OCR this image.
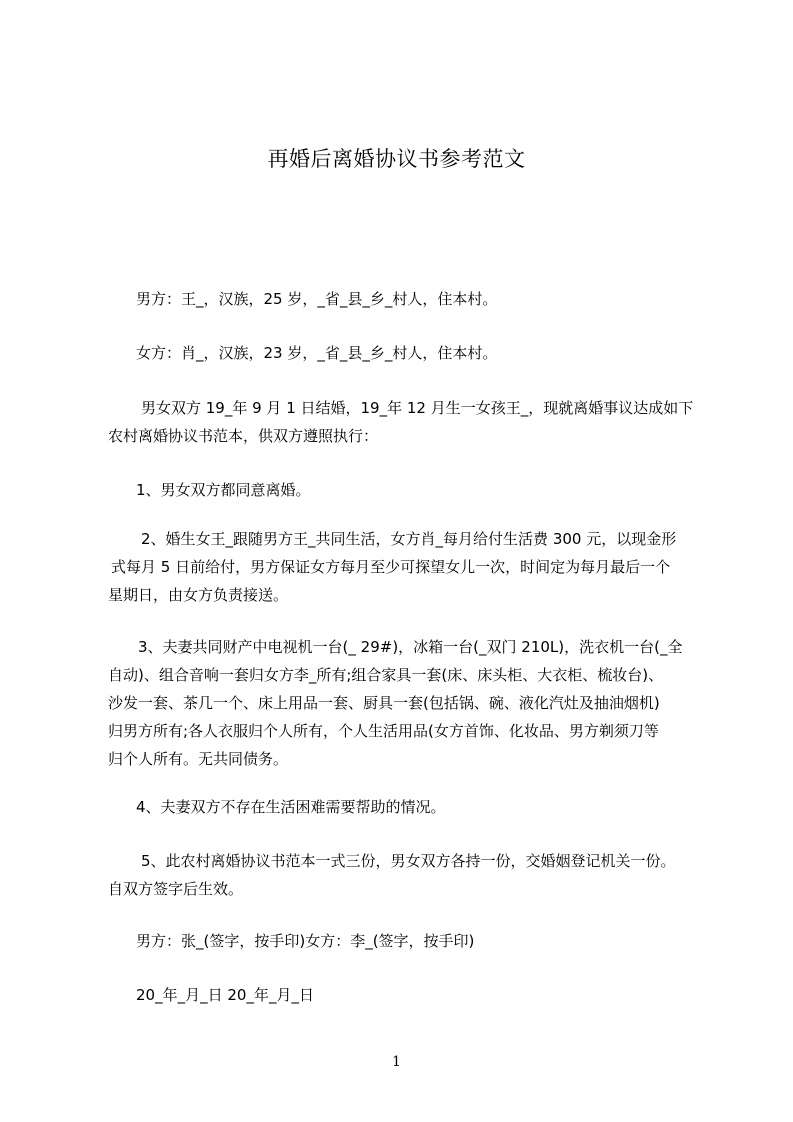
再婚后离婚协议书参考范文
男方：王_，汉族，25 岁，_省_县_乡_村人，住本村。
女方：肖_，汉族，23 岁，_省_县_乡_村人，住本村。
男女双方 19_年 9 月 1 日结婚，19_年 12 月生一女孩王_，现就离婚事议达成如下
农村离婚协议书范本，供双方遵照执行：
1、男女双方都同意离婚。
2、婚生女王_跟随男方王_共同生活，女方肖_每月给付生活费 300 元，以现金形
式每月 5 日前给付，男方保证女方每月至少可探望女儿一次，时间定为每月最后一个
星期日，由女方负责接送。
3、夫妻共同财产中电视机一台(_ 29#)，冰箱一台(_双门 210L)，洗衣机一台(_全
自动)、组合音响一套归女方李_所有;组合家具一套(床、床头柜、大衣柜、梳妆台)、
沙发一套、茶几一个、床上用品一套、厨具一套(包括锅、碗、液化汽灶及抽油烟机)
归男方所有;各人衣服归个人所有，个人生活用品(女方首饰、化妆品、男方剃须刀等
归个人所有。无共同债务。
4、夫妻双方不存在生活困难需要帮助的情况。
5、此农村离婚协议书范本一式三份，男女双方各持一份，交婚姻登记机关一份。
自双方签字后生效。
男方：张_(签字，按手印)女方：李_(签字，按手印)
20_年_月_日 20_年_月_日
1
